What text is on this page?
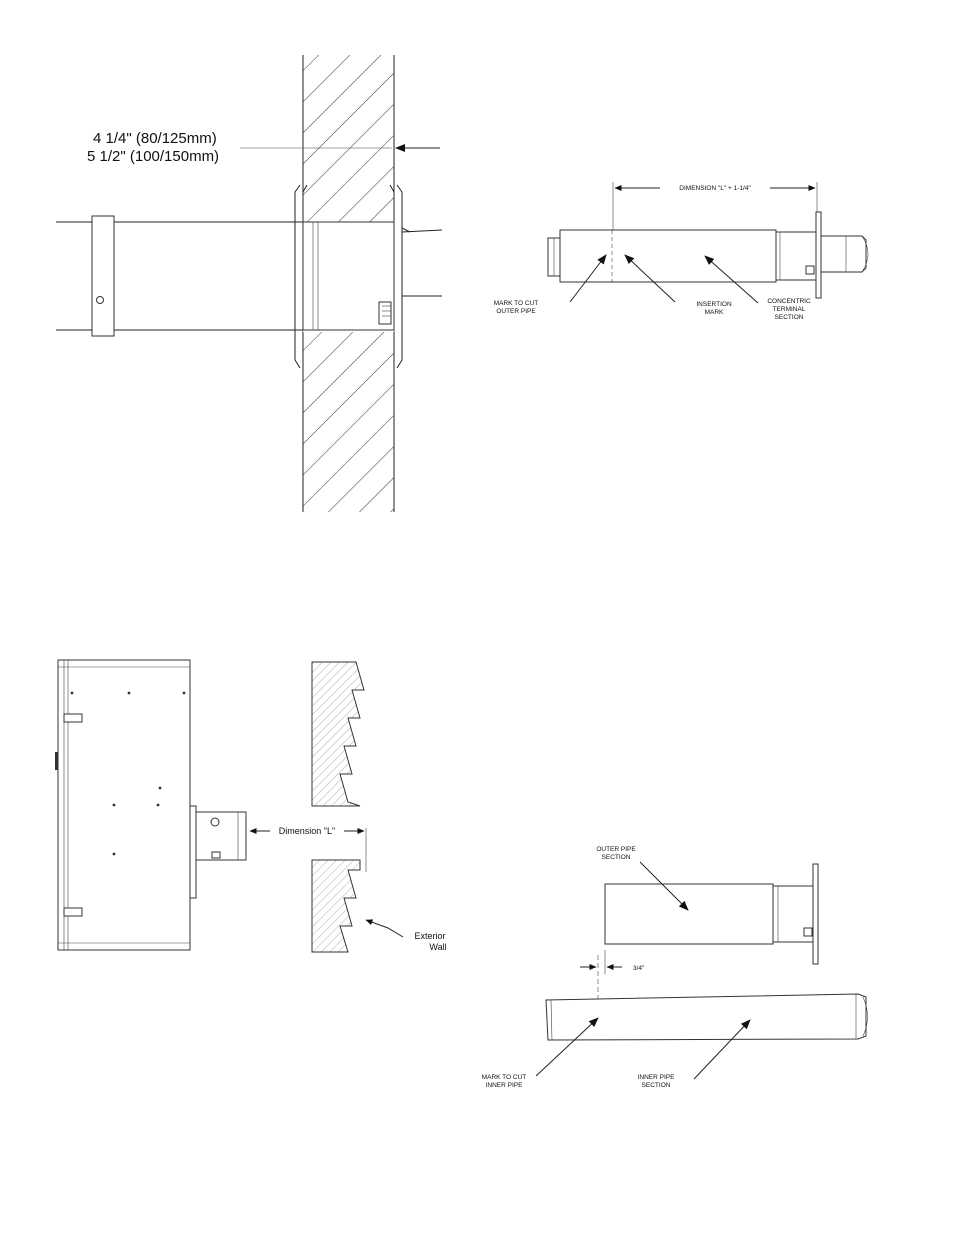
4 1/4" (80/125mm)
5 1/2" (100/150mm)
DIMENSION "L" + 1-1/4"
MARK TO CUT
OUTER PIPE
INSERTION
MARK
CONCENTRIC
TERMINAL
SECTION
Dimension "L"
Exterior
Wall
OUTER PIPE
SECTION
3/4"
MARK TO CUT
INNER PIPE
INNER PIPE
SECTION
